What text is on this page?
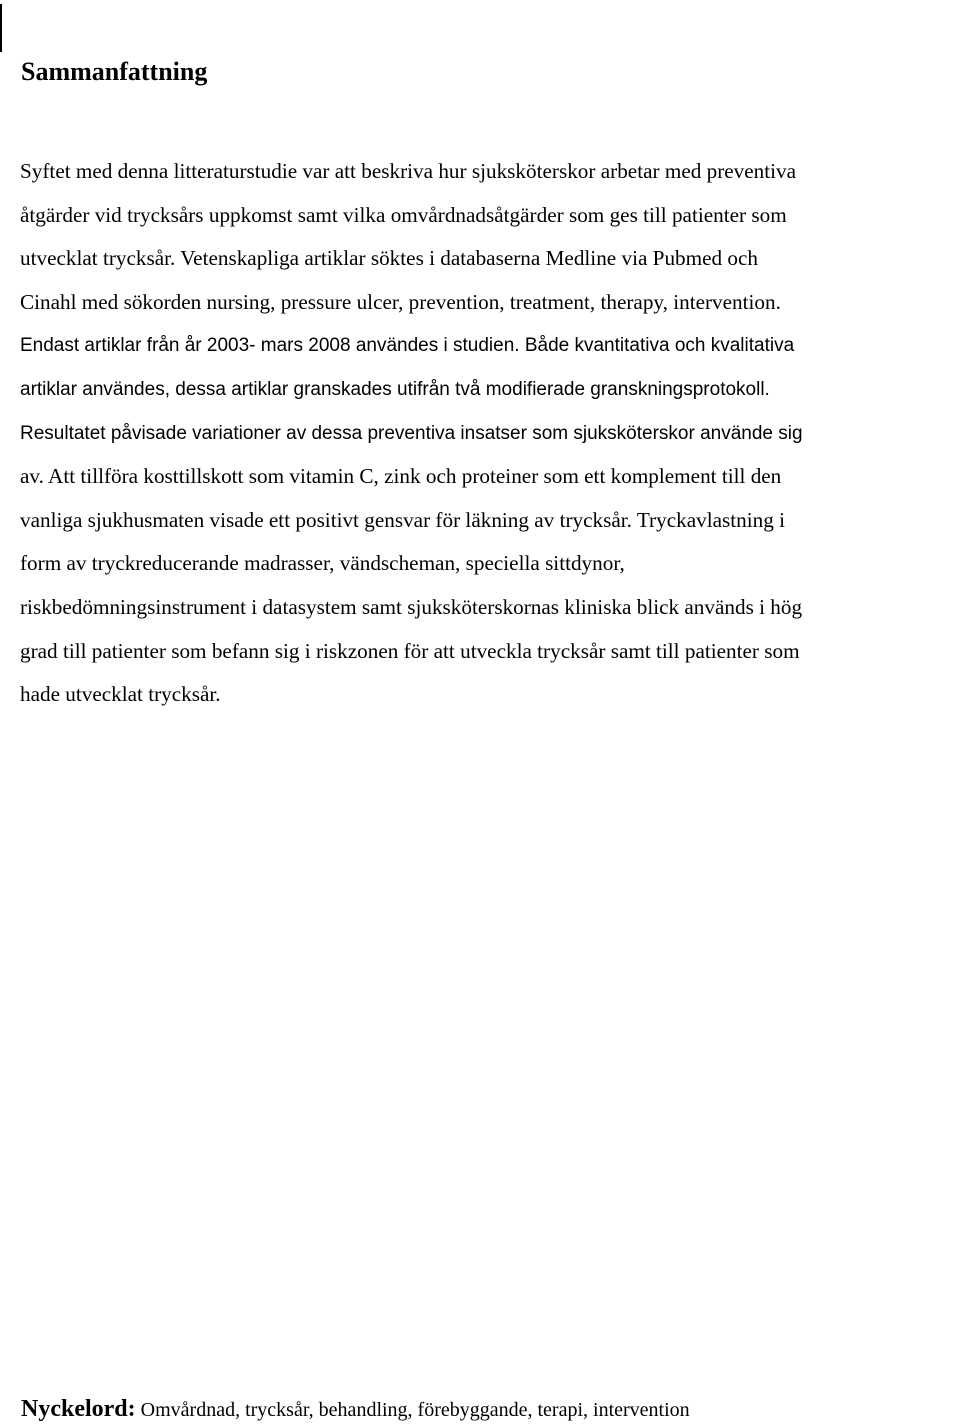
Sammanfattning
Syftet med denna litteraturstudie var att beskriva hur sjuksköterskor arbetar med preventiva
åtgärder vid trycksårs uppkomst samt vilka omvårdnadsåtgärder som ges till patienter som
utvecklat trycksår. Vetenskapliga artiklar söktes i databaserna Medline via Pubmed och
Cinahl med sökorden nursing, pressure ulcer, prevention, treatment, therapy, intervention.
Endast artiklar från år 2003- mars 2008 användes i studien. Både kvantitativa och kvalitativa
artiklar användes, dessa artiklar granskades utifrån två modifierade granskningsprotokoll.
Resultatet påvisade variationer av dessa preventiva insatser som sjuksköterskor använde sig
av. Att tillföra kosttillskott som vitamin C, zink och proteiner som ett komplement till den
vanliga sjukhusmaten visade ett positivt gensvar för läkning av trycksår. Tryckavlastning i
form av tryckreducerande madrasser, vändscheman, speciella sittdynor,
riskbedömningsinstrument i datasystem samt sjuksköterskornas kliniska blick används i hög
grad till patienter som befann sig i riskzonen för att utveckla trycksår samt till patienter som
hade utvecklat trycksår.

Nyckelord: Omvårdnad, trycksår, behandling, förebyggande, terapi, intervention
